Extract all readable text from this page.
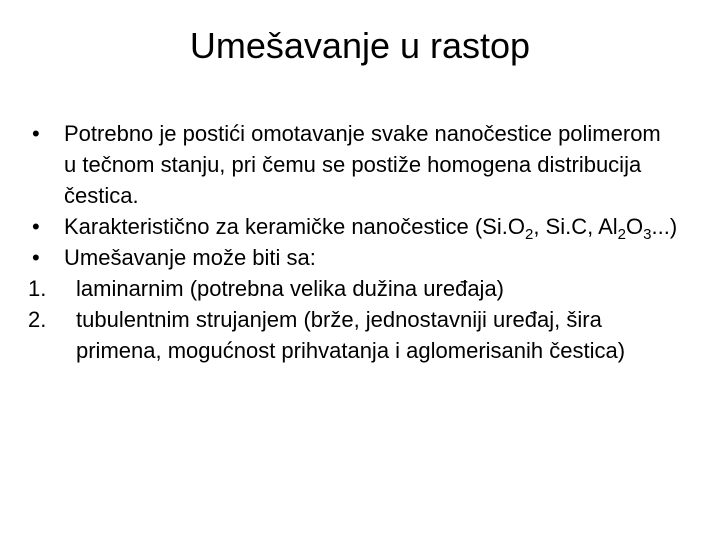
Umešavanje u rastop
• Potrebno je postići omotavanje svake nanočestice polimerom u tečnom stanju, pri čemu se postiže homogena distribucija čestica.
• Karakteristično za keramičke nanočestice ($Si.O_2$, Si.C, $Al_2O_3$...)
• Umešavanje može biti sa:
1. laminarnim (potrebna velika dužina uređaja)
2. tubulentnim strujanjem (brže, jednostavniji uređaj, šira primena, mogućnost prihvatanja i aglomerisanih čestica)
